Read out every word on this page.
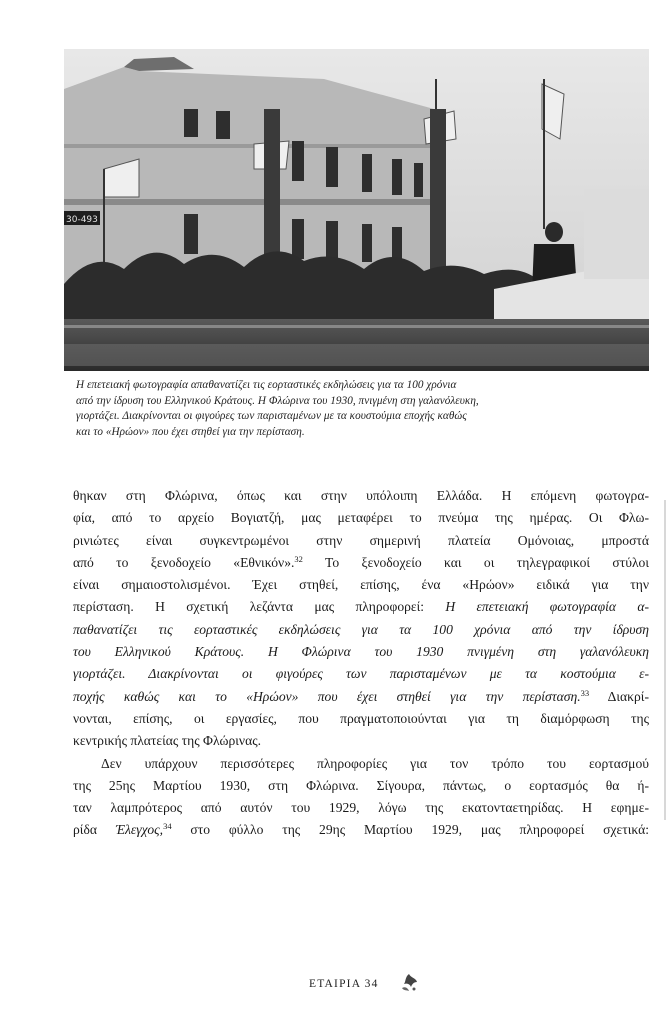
30-493
Η επετειακή φωτογραφία απαθανατίζει τις εορταστικές εκδηλώσεις για τα 100 χρόνια
από την ίδρυση του Ελληνικού Κράτους. Η Φλώρινα του 1930, πνιγμένη στη γαλανόλευκη,
γιορτάζει. Διακρίνονται οι φιγούρες των παρισταμένων με τα κουστούμια εποχής καθώς
και το «Ηρώον» που έχει στηθεί για την περίσταση.
θηκαν στη Φλώρινα, όπως και στην υπόλοιπη Ελλάδα. Η επόμενη φωτογρα-
φία, από το αρχείο Βογιατζή, μας μεταφέρει το πνεύμα της ημέρας. Οι Φλω-
ρινιώτες είναι συγκεντρωμένοι στην σημερινή πλατεία Ομόνοιας, μπροστά
από το ξενοδοχείο «Εθνικόν».$^{32}$ Το ξενοδοχείο και οι τηλεγραφικοί στύλοι
είναι σημαιοστολισμένοι. Έχει στηθεί, επίσης, ένα «Ηρώον» ειδικά για την
περίσταση. Η σχετική λεζάντα μας πληροφορεί: Η επετειακή φωτογραφία α-
παθανατίζει τις εορταστικές εκδηλώσεις για τα 100 χρόνια από την ίδρυση
του Ελληνικού Κράτους. Η Φλώρινα του 1930 πνιγμένη στη γαλανόλευκη
γιορτάζει. Διακρίνονται οι φιγούρες των παρισταμένων με τα κοστούμια ε-
ποχής καθώς και το «Ηρώον» που έχει στηθεί για την περίσταση.$^{33}$ Διακρί-
νονται, επίσης, οι εργασίες, που πραγματοποιούνται για τη διαμόρφωση της
κεντρικής πλατείας της Φλώρινας.
Δεν υπάρχουν περισσότερες πληροφορίες για τον τρόπο του εορτασμού
της 25ης Μαρτίου 1930, στη Φλώρινα. Σίγουρα, πάντως, ο εορτασμός θα ή-
ταν λαμπρότερος από αυτόν του 1929, λόγω της εκατονταετηρίδας. Η εφημε-
ρίδα Έλεγχος,$^{34}$ στο φύλλο της 29ης Μαρτίου 1929, μας πληροφορεί σχετικά:
ΕΤΑΙΡΙΑ 34
